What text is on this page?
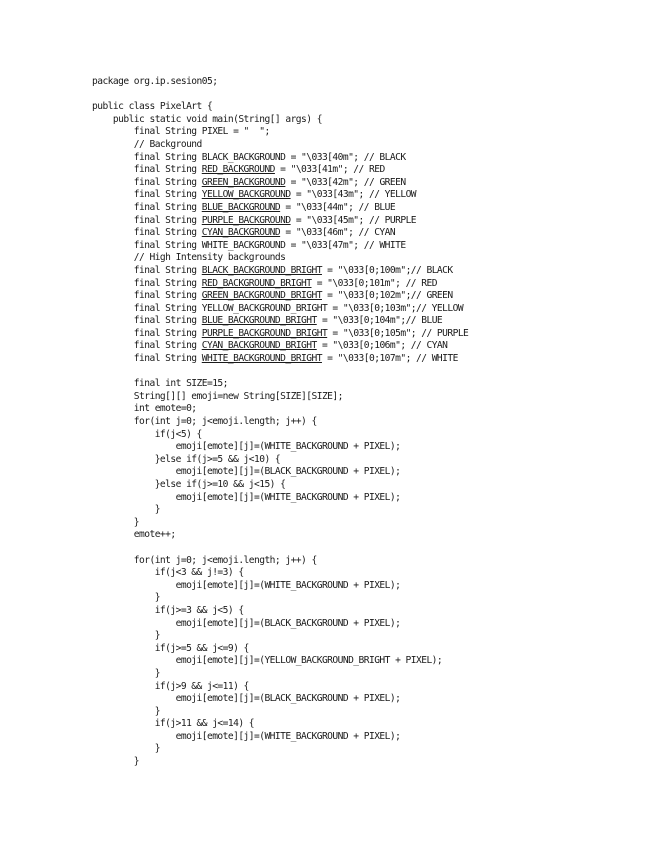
package org.ip.sesion05;
public class PixelArt {
public static void main(String[] args) {
final String PIXEL = "  ";
// Background
final String BLACK_BACKGROUND = "\033[40m"; // BLACK
final String RED_BACKGROUND = "\033[41m"; // RED
final String GREEN_BACKGROUND = "\033[42m"; // GREEN
final String YELLOW_BACKGROUND = "\033[43m"; // YELLOW
final String BLUE_BACKGROUND = "\033[44m"; // BLUE
final String PURPLE_BACKGROUND = "\033[45m"; // PURPLE
final String CYAN_BACKGROUND = "\033[46m"; // CYAN
final String WHITE_BACKGROUND = "\033[47m"; // WHITE
// High Intensity backgrounds
final String BLACK_BACKGROUND_BRIGHT = "\033[0;100m";// BLACK
final String RED_BACKGROUND_BRIGHT = "\033[0;101m"; // RED
final String GREEN_BACKGROUND_BRIGHT = "\033[0;102m";// GREEN
final String YELLOW_BACKGROUND_BRIGHT = "\033[0;103m";// YELLOW
final String BLUE_BACKGROUND_BRIGHT = "\033[0;104m";// BLUE
final String PURPLE_BACKGROUND_BRIGHT = "\033[0;105m"; // PURPLE
final String CYAN_BACKGROUND_BRIGHT = "\033[0;106m"; // CYAN
final String WHITE_BACKGROUND_BRIGHT = "\033[0;107m"; // WHITE
final int SIZE=15;
String[][] emoji=new String[SIZE][SIZE];
int emote=0;
for(int j=0; j<emoji.length; j++) {
if(j<5) {
emoji[emote][j]=(WHITE_BACKGROUND + PIXEL);
}else if(j>=5 && j<10) {
emoji[emote][j]=(BLACK_BACKGROUND + PIXEL);
}else if(j>=10 && j<15) {
emoji[emote][j]=(WHITE_BACKGROUND + PIXEL);
}
}
emote++;
for(int j=0; j<emoji.length; j++) {
if(j<3 && j!=3) {
emoji[emote][j]=(WHITE_BACKGROUND + PIXEL);
}
if(j>=3 && j<5) {
emoji[emote][j]=(BLACK_BACKGROUND + PIXEL);
}
if(j>=5 && j<=9) {
emoji[emote][j]=(YELLOW_BACKGROUND_BRIGHT + PIXEL);
}
if(j>9 && j<=11) {
emoji[emote][j]=(BLACK_BACKGROUND + PIXEL);
}
if(j>11 && j<=14) {
emoji[emote][j]=(WHITE_BACKGROUND + PIXEL);
}
}
